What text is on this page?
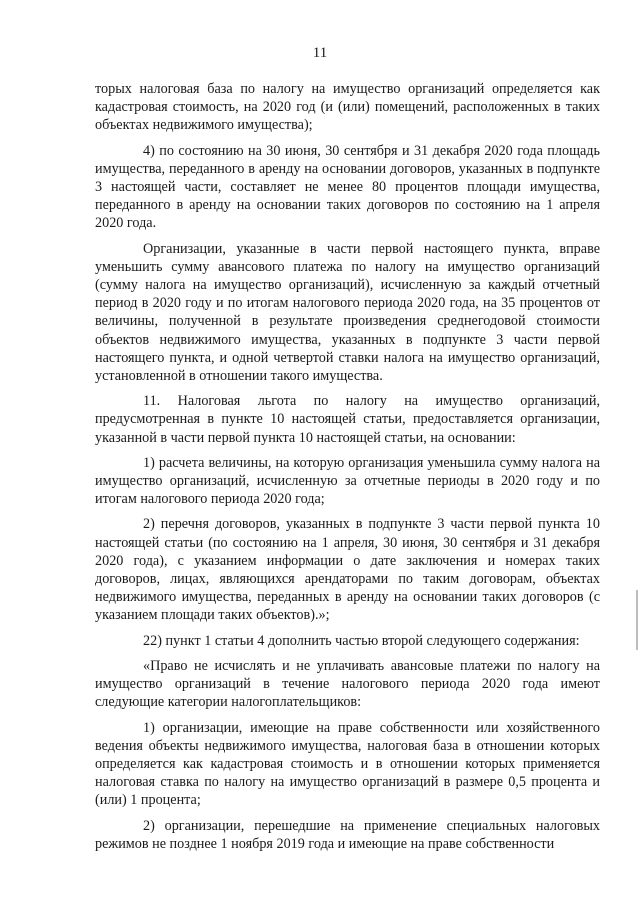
11

торых налоговая база по налогу на имущество организаций определяется как кадастровая стоимость, на 2020 год (и (или) помещений, расположенных в таких объектах недвижимого имущества);

4) по состоянию на 30 июня, 30 сентября и 31 декабря 2020 года площадь имущества, переданного в аренду на основании договоров, указанных в подпункте 3 настоящей части, составляет не менее 80 процентов площади имущества, переданного в аренду на основании таких договоров по состоянию на 1 апреля 2020 года.

Организации, указанные в части первой настоящего пункта, вправе уменьшить сумму авансового платежа по налогу на имущество организаций (сумму налога на имущество организаций), исчисленную за каждый отчетный период в 2020 году и по итогам налогового периода 2020 года, на 35 процентов от величины, полученной в результате произведения среднегодовой стоимости объектов недвижимого имущества, указанных в подпункте 3 части первой настоящего пункта, и одной четвертой ставки налога на имущество организаций, установленной в отношении такого имущества.

11. Налоговая льгота по налогу на имущество организаций, предусмотренная в пункте 10 настоящей статьи, предоставляется организации, указанной в части первой пункта 10 настоящей статьи, на основании:

1) расчета величины, на которую организация уменьшила сумму налога на имущество организаций, исчисленную за отчетные периоды в 2020 году и по итогам налогового периода 2020 года;

2) перечня договоров, указанных в подпункте 3 части первой пункта 10 настоящей статьи (по состоянию на 1 апреля, 30 июня, 30 сентября и 31 декабря 2020 года), с указанием информации о дате заключения и номерах таких договоров, лицах, являющихся арендаторами по таким договорам, объектах недвижимого имущества, переданных в аренду на основании таких договоров (с указанием площади таких объектов).»;

22) пункт 1 статьи 4 дополнить частью второй следующего содержания:

«Право не исчислять и не уплачивать авансовые платежи по налогу на имущество организаций в течение налогового периода 2020 года имеют следующие категории налогоплательщиков:

1) организации, имеющие на праве собственности или хозяйственного ведения объекты недвижимого имущества, налоговая база в отношении которых определяется как кадастровая стоимость и в отношении которых применяется налоговая ставка по налогу на имущество организаций в размере 0,5 процента и (или) 1 процента;

2) организации, перешедшие на применение специальных налоговых режимов не позднее 1 ноября 2019 года и имеющие на праве собственности
